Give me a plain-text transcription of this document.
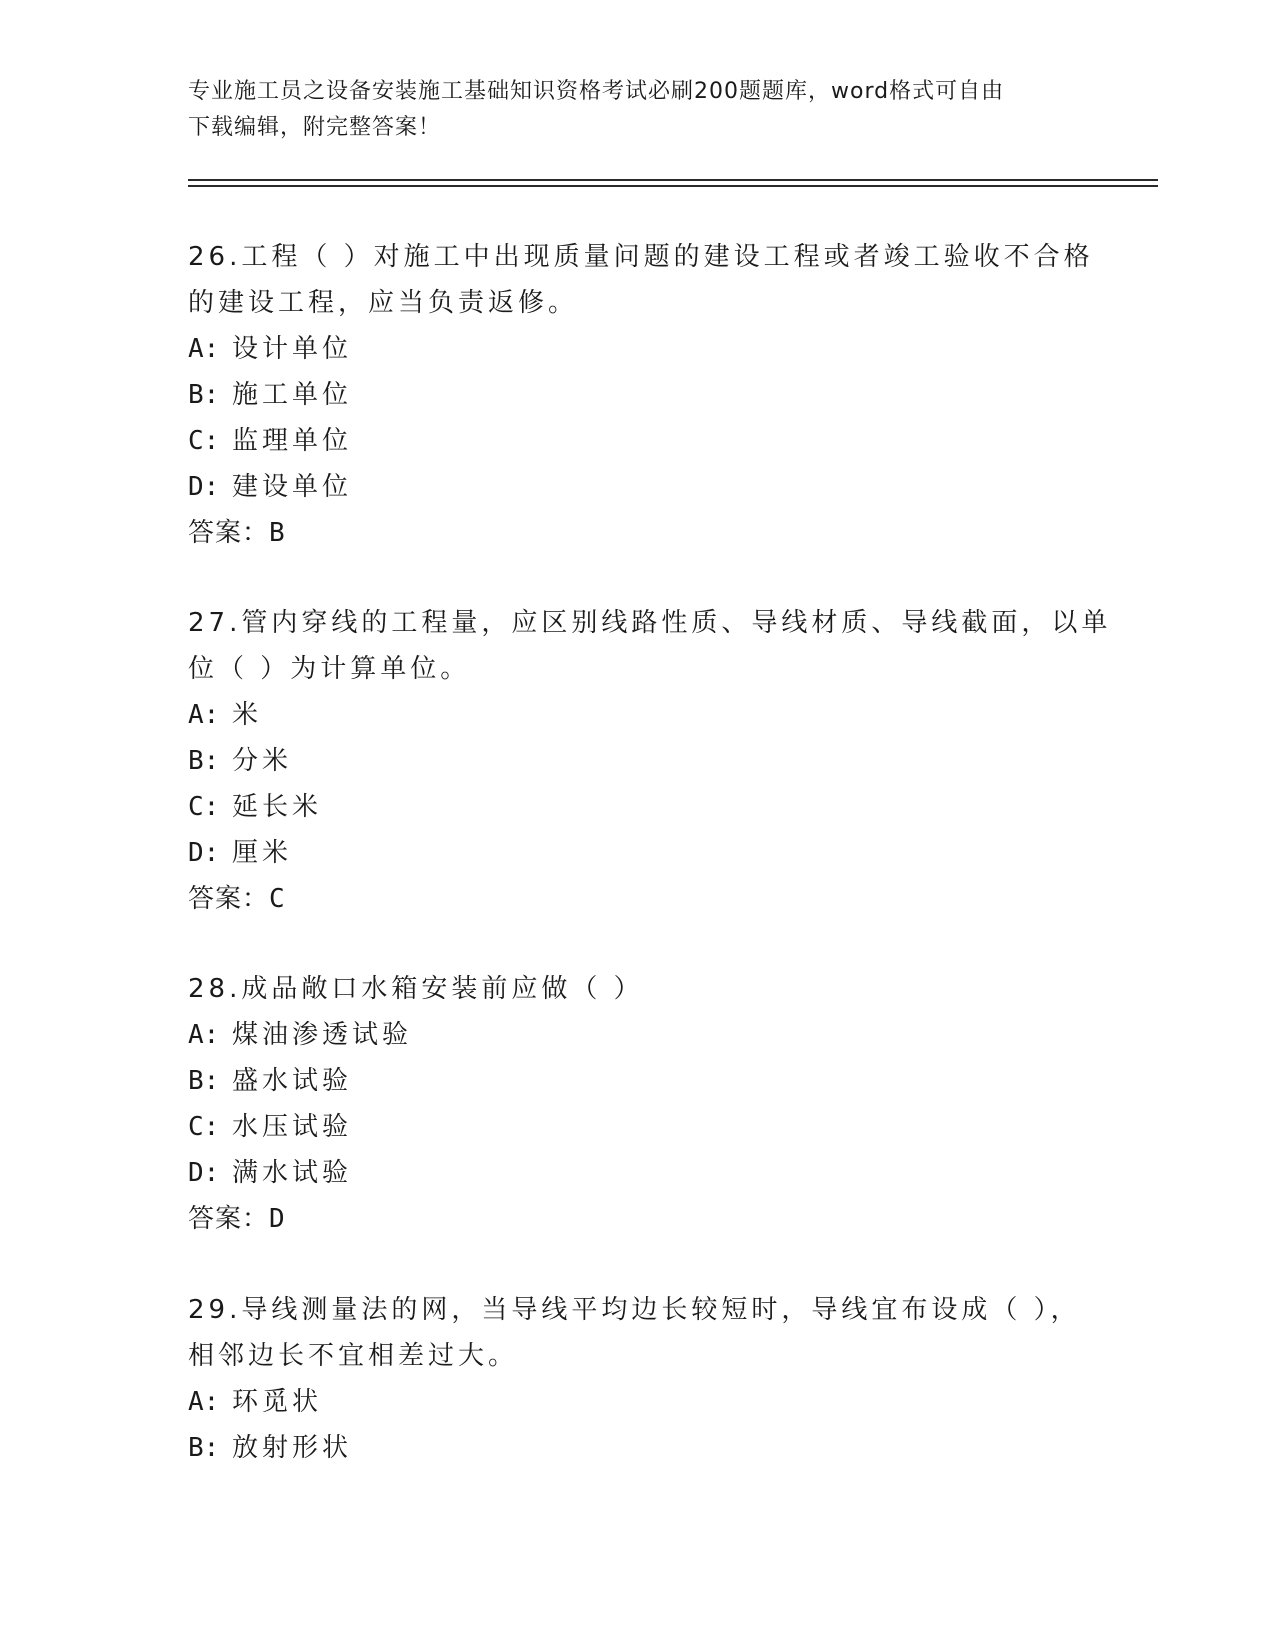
专业施工员之设备安装施工基础知识资格考试必刷200题题库，word格式可自由
下载编辑，附完整答案！
26.工程（ ）对施工中出现质量问题的建设工程或者竣工验收不合格
的建设工程，应当负责返修。
A: 设计单位
B: 施工单位
C: 监理单位
D: 建设单位
答案：B
27.管内穿线的工程量，应区别线路性质、导线材质、导线截面，以单
位（ ）为计算单位。
A: 米
B: 分米
C: 延长米
D: 厘米
答案：C
28.成品敞口水箱安装前应做（ ）
A: 煤油渗透试验
B: 盛水试验
C: 水压试验
D: 满水试验
答案：D
29.导线测量法的网，当导线平均边长较短时，导线宜布设成（ ），
相邻边长不宜相差过大。
A: 环觅状
B: 放射形状
